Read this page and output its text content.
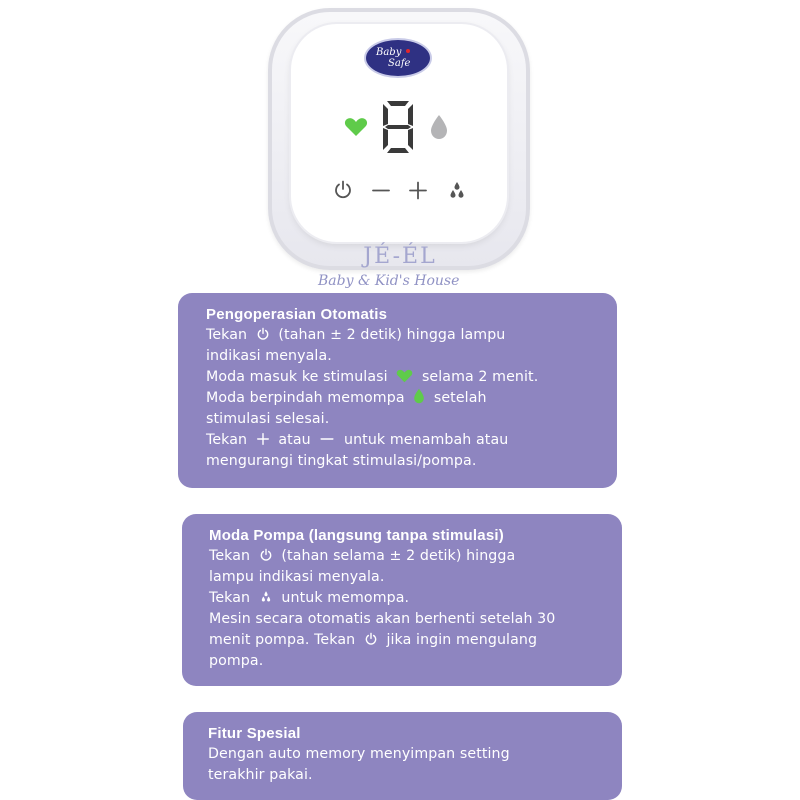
Baby
Safe
JÉ-ÉL
Baby & Kid's House
Pengoperasian Otomatis
Tekan (tahan ± 2 detik) hingga lampu
indikasi menyala.
Moda masuk ke stimulasi selama 2 menit.
Moda berpindah memompa setelah
stimulasi selesai.
Tekan atau untuk menambah atau
mengurangi tingkat stimulasi/pompa.
Moda Pompa (langsung tanpa stimulasi)
Tekan (tahan selama ± 2 detik) hingga
lampu indikasi menyala.
Tekan untuk memompa.
Mesin secara otomatis akan berhenti setelah 30
menit pompa. Tekan jika ingin mengulang
pompa.
Fitur Spesial
Dengan auto memory menyimpan setting
terakhir pakai.
